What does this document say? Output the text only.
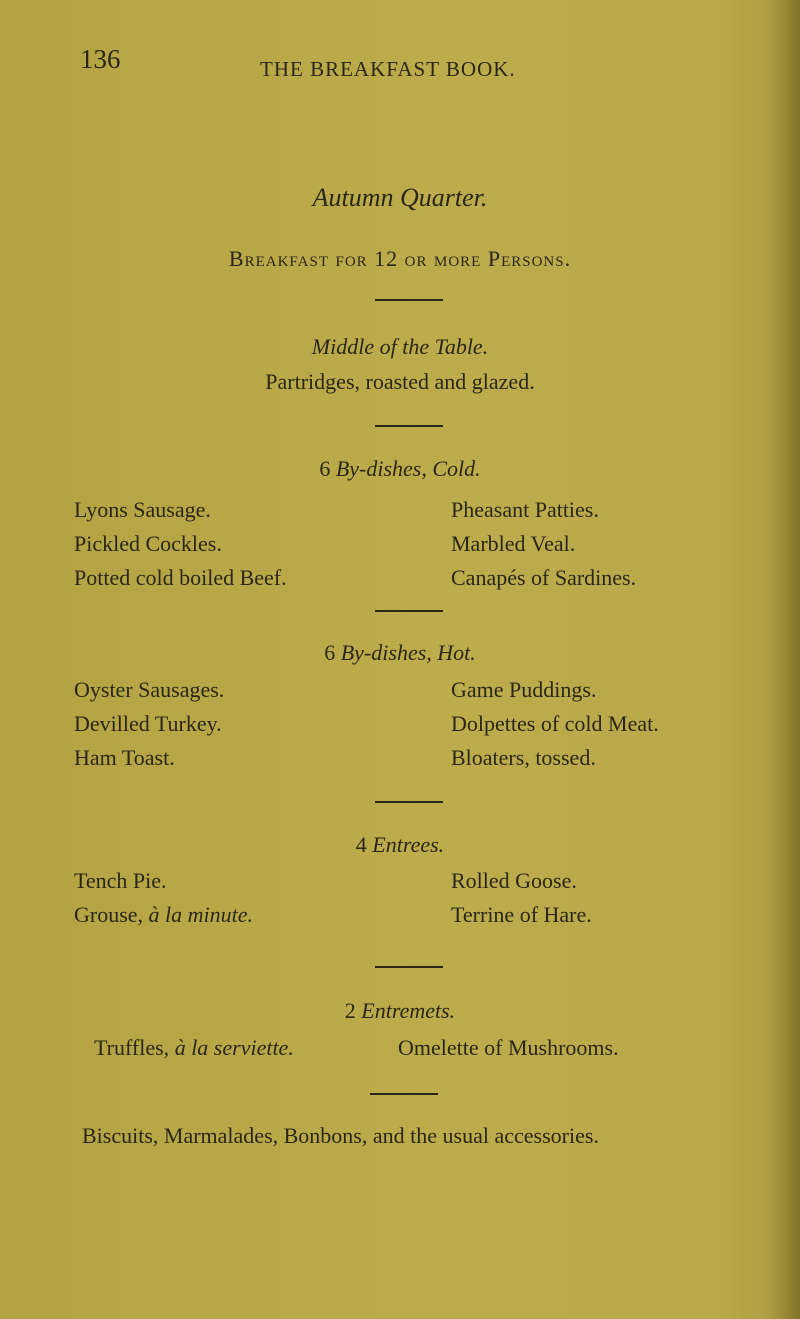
136	THE BREAKFAST BOOK.
Autumn Quarter.
Breakfast for 12 or more Persons.
Middle of the Table.
Partridges, roasted and glazed.
6 By-dishes, Cold.
Lyons Sausage.
Pickled Cockles.
Potted cold boiled Beef.
Pheasant Patties.
Marbled Veal.
Canapés of Sardines.
6 By-dishes, Hot.
Oyster Sausages.
Devilled Turkey.
Ham Toast.
Game Puddings.
Dolpettes of cold Meat.
Bloaters, tossed.
4 Entrees.
Tench Pie.
Grouse, à la minute.
Rolled Goose.
Terrine of Hare.
2 Entremets.
Truffles, à la serviette.	Omelette of Mushrooms.
Biscuits, Marmalades, Bonbons, and the usual accessories.
